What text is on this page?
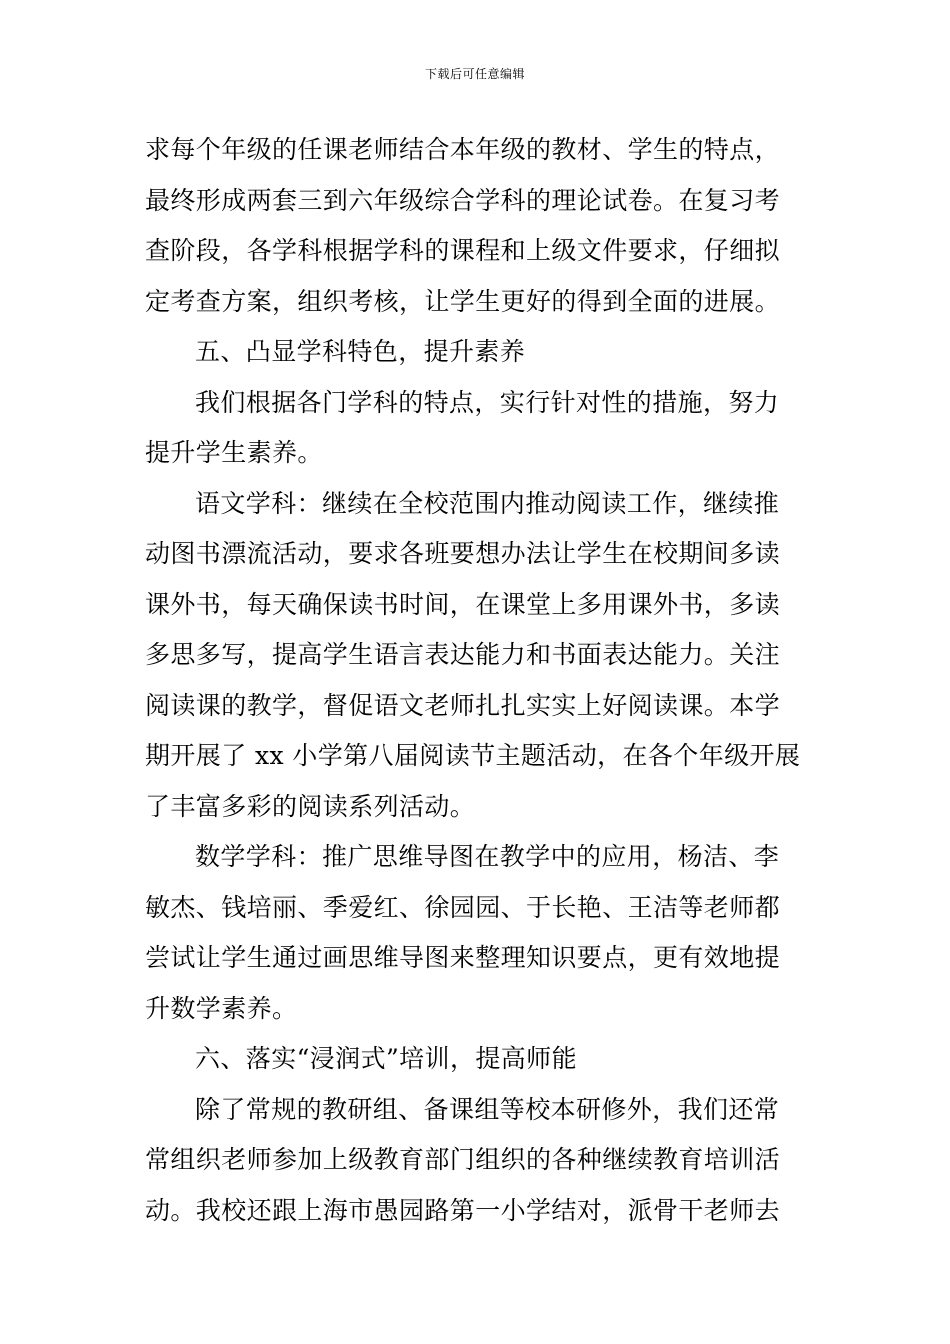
下载后可任意编辑
求每个年级的任课老师结合本年级的教材、学生的特点，
最终形成两套三到六年级综合学科的理论试卷。在复习考
查阶段，各学科根据学科的课程和上级文件要求，仔细拟
定考查方案，组织考核，让学生更好的得到全面的进展。
五、凸显学科特色，提升素养
我们根据各门学科的特点，实行针对性的措施，努力
提升学生素养。
语文学科：继续在全校范围内推动阅读工作，继续推
动图书漂流活动，要求各班要想办法让学生在校期间多读
课外书，每天确保读书时间，在课堂上多用课外书，多读
多思多写，提高学生语言表达能力和书面表达能力。关注
阅读课的教学，督促语文老师扎扎实实上好阅读课。本学
期开展了 xx 小学第八届阅读节主题活动，在各个年级开展
了丰富多彩的阅读系列活动。
数学学科：推广思维导图在教学中的应用，杨洁、李
敏杰、钱培丽、季爱红、徐园园、于长艳、王洁等老师都
尝试让学生通过画思维导图来整理知识要点，更有效地提
升数学素养。
六、落实“浸润式”培训，提高师能
除了常规的教研组、备课组等校本研修外，我们还常
常组织老师参加上级教育部门组织的各种继续教育培训活
动。我校还跟上海市愚园路第一小学结对，派骨干老师去
